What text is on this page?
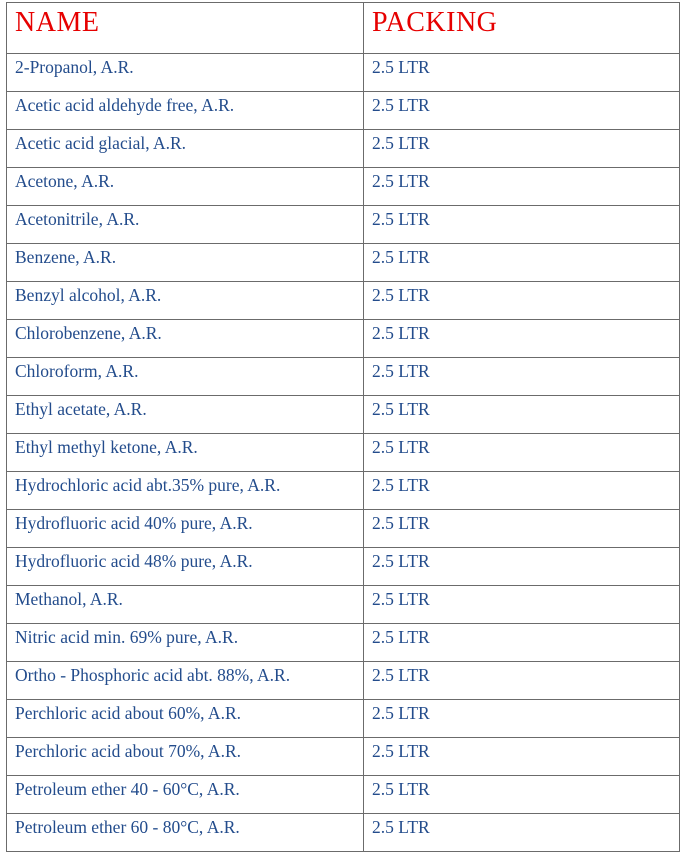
NAME	PACKING
2-Propanol, A.R.	2.5 LTR
Acetic acid aldehyde free, A.R.	2.5 LTR
Acetic acid glacial, A.R.	2.5 LTR
Acetone, A.R.	2.5 LTR
Acetonitrile, A.R.	2.5 LTR
Benzene, A.R.	2.5 LTR
Benzyl alcohol, A.R.	2.5 LTR
Chlorobenzene, A.R.	2.5 LTR
Chloroform, A.R.	2.5 LTR
Ethyl acetate, A.R.	2.5 LTR
Ethyl methyl ketone, A.R.	2.5 LTR
Hydrochloric acid abt.35% pure, A.R.	2.5 LTR
Hydrofluoric acid 40% pure, A.R.	2.5 LTR
Hydrofluoric acid 48% pure, A.R.	2.5 LTR
Methanol, A.R.	2.5 LTR
Nitric acid min. 69% pure, A.R.	2.5 LTR
Ortho - Phosphoric acid abt. 88%, A.R.	2.5 LTR
Perchloric acid about 60%, A.R.	2.5 LTR
Perchloric acid about 70%, A.R.	2.5 LTR
Petroleum ether 40 - 60°C, A.R.	2.5 LTR
Petroleum ether 60 - 80°C, A.R.	2.5 LTR
